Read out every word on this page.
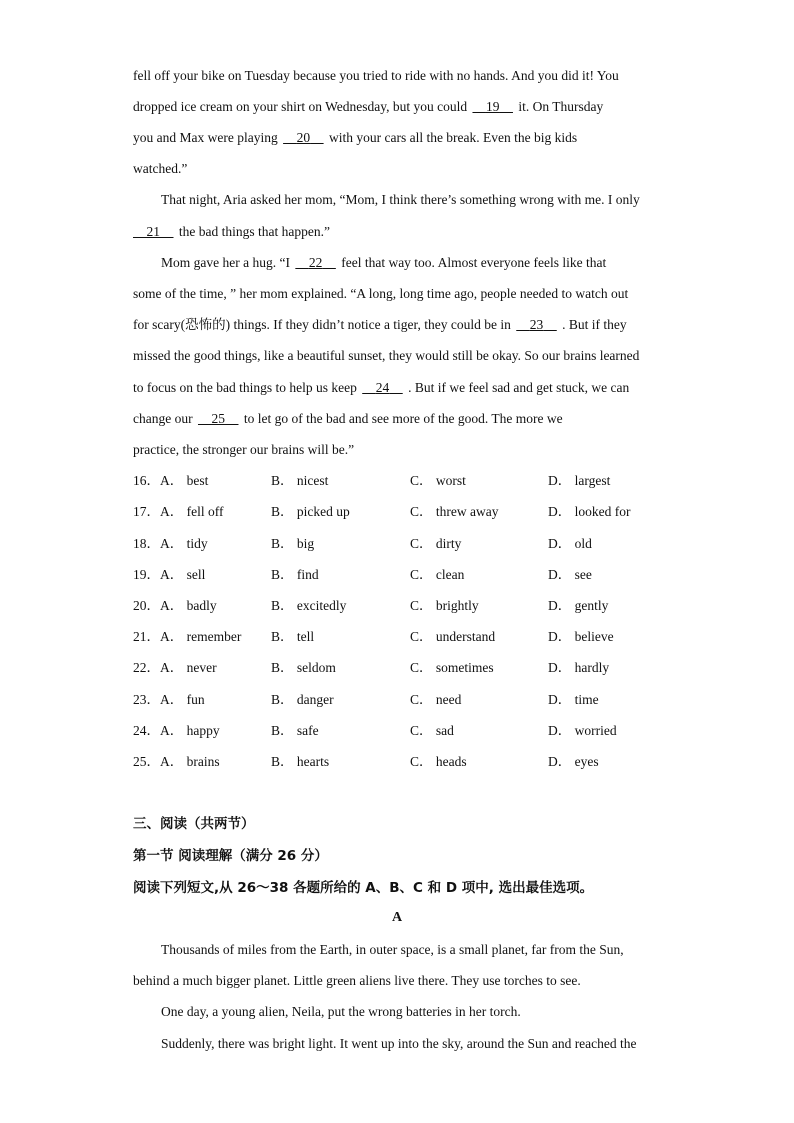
fell off your bike on Tuesday because you tried to ride with no hands. And you did it! You
dropped ice cream on your shirt on Wednesday, but you could 19 it. On Thursday
you and Max were playing 20 with your cars all the break. Even the big kids
watched.”
That night, Aria asked her mom, “Mom, I think there’s something wrong with me. I only
21 the bad things that happen.”
Mom gave her a hug. “I 22 feel that way too. Almost everyone feels like that
some of the time, ” her mom explained. “A long, long time ago, people needed to watch out
for scary(恐怖的) things. If they didn’t notice a tiger, they could be in 23 . But if they
missed the good things, like a beautiful sunset, they would still be okay. So our brains learned
to focus on the bad things to help us keep 24 . But if we feel sad and get stuck, we can
change our 25 to let go of the bad and see more of the good. The more we
practice, the stronger our brains will be.”
16． A． best	B． nicest	C． worst	D． largest
17． A． fell off	B． picked up	C． threw away	D． looked for
18． A． tidy	B． big	C． dirty	D． old
19． A． sell	B． find	C． clean	D． see
20． A． badly	B． excitedly	C． brightly	D． gently
21． A． remember B． tell	C． understand	D． believe
22． A． never	B． seldom	C． sometimes	D． hardly
23． A． fun	B． danger	C． need	D． time
24． A． happy	B． safe	C． sad	D． worried
25． A． brains	B． hearts	C． heads	D． eyes
三、阅读（共两节）
第一节 阅读理解（满分 26 分）
阅读下列短文,从 26～38 各题所给的 A、B、C 和 D 项中, 选出最佳选项。
A
Thousands of miles from the Earth, in outer space, is a small planet, far from the Sun,
behind a much bigger planet. Little green aliens live there. They use torches to see.
One day, a young alien, Neila, put the wrong batteries in her torch.
Suddenly, there was bright light. It went up into the sky, around the Sun and reached the
